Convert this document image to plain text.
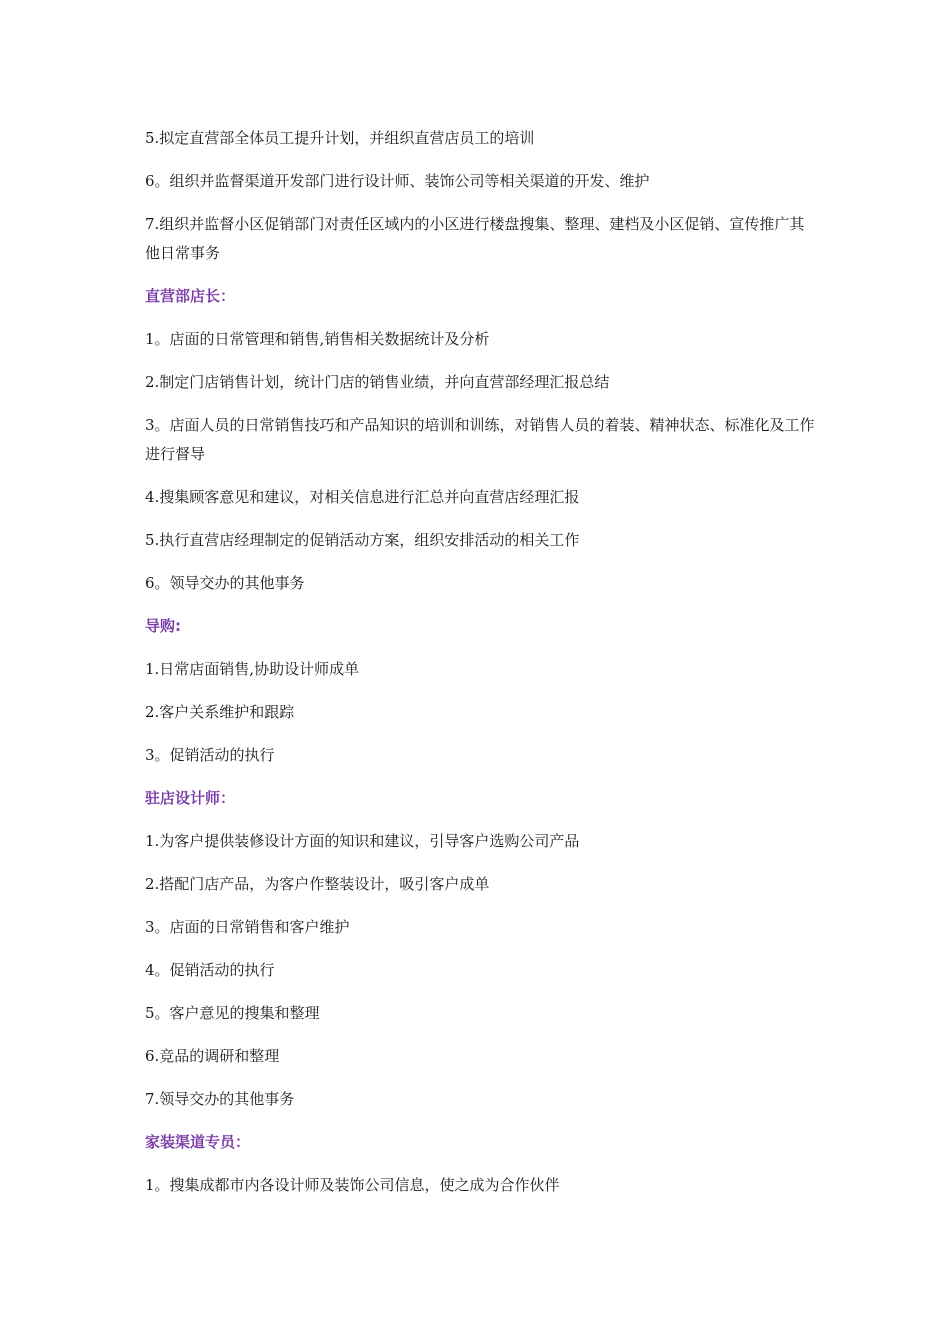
5.拟定直营部全体员工提升计划，并组织直营店员工的培训

6。组织并监督渠道开发部门进行设计师、装饰公司等相关渠道的开发、维护

7.组织并监督小区促销部门对责任区域内的小区进行楼盘搜集、整理、建档及小区促销、宣传推广其他日常事务

直营部店长：

1。店面的日常管理和销售,销售相关数据统计及分析

2.制定门店销售计划，统计门店的销售业绩，并向直营部经理汇报总结

3。店面人员的日常销售技巧和产品知识的培训和训练，对销售人员的着装、精神状态、标准化及工作进行督导

4.搜集顾客意见和建议，对相关信息进行汇总并向直营店经理汇报

5.执行直营店经理制定的促销活动方案，组织安排活动的相关工作

6。领导交办的其他事务

导购:

1.日常店面销售,协助设计师成单

2.客户关系维护和跟踪

3。促销活动的执行

驻店设计师：

1.为客户提供装修设计方面的知识和建议，引导客户选购公司产品

2.搭配门店产品，为客户作整装设计，吸引客户成单

3。店面的日常销售和客户维护

4。促销活动的执行

5。客户意见的搜集和整理

6.竞品的调研和整理

7.领导交办的其他事务

家装渠道专员：

1。搜集成都市内各设计师及装饰公司信息，使之成为合作伙伴
